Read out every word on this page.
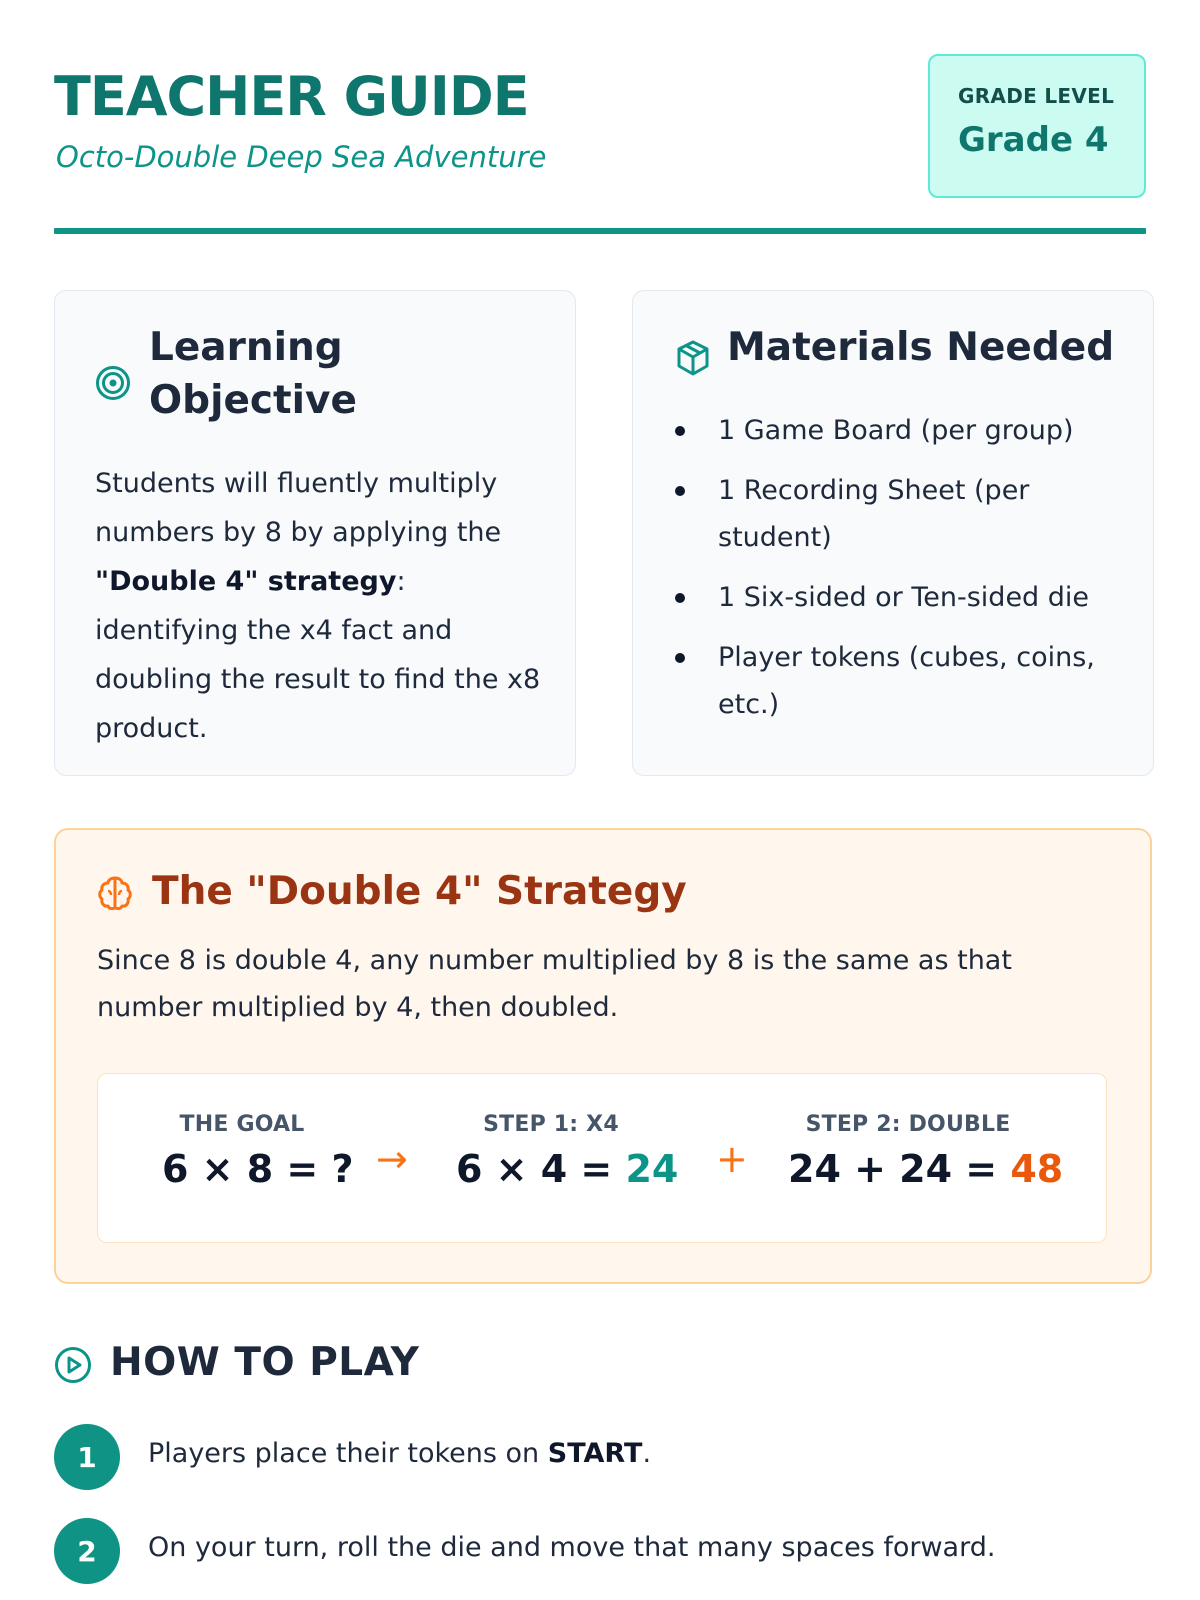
TEACHER GUIDE
Octo-Double Deep Sea Adventure
GRADE LEVEL
Grade 4
Learning Objective
Students will fluently multiply numbers by 8 by applying the "Double 4" strategy: identifying the x4 fact and doubling the result to find the x8 product.
Materials Needed
1 Game Board (per group)
1 Recording Sheet (per student)
1 Six-sided or Ten-sided die
Player tokens (cubes, coins, etc.)
The "Double 4" Strategy
Since 8 is double 4, any number multiplied by 8 is the same as that number multiplied by 4, then doubled.
THE GOAL
6 × 8 = ? →
STEP 1: X4
6 × 4 = 24 +
STEP 2: DOUBLE
24 + 24 = 48
HOW TO PLAY
1	Players place their tokens on START.
2	On your turn, roll the die and move that many spaces forward.
